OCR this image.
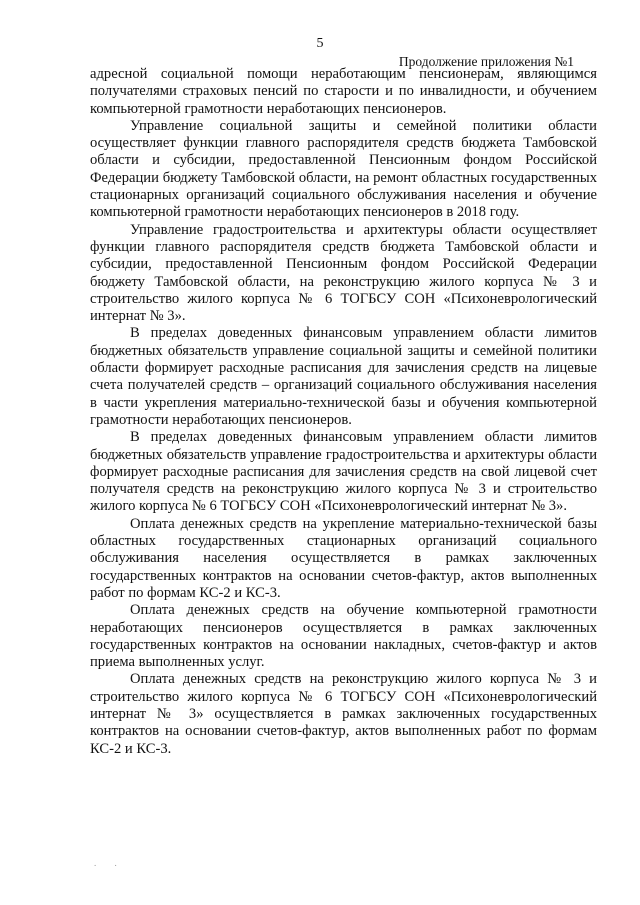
5
Продолжение приложения №1

адресной социальной помощи неработающим пенсионерам, являющимся получателями страховых пенсий по старости и по инвалидности, и обучением компьютерной грамотности неработающих пенсионеров.

Управление социальной защиты и семейной политики области осуществляет функции главного распорядителя средств бюджета Тамбовской области и субсидии, предоставленной Пенсионным фондом Российской Федерации бюджету Тамбовской области, на ремонт областных государственных стационарных организаций социального обслуживания населения и обучение компьютерной грамотности неработающих пенсионеров в 2018 году.

Управление градостроительства и архитектуры области осуществляет функции главного распорядителя средств бюджета Тамбовской области и субсидии, предоставленной Пенсионным фондом Российской Федерации бюджету Тамбовской области, на реконструкцию жилого корпуса № 3 и строительство жилого корпуса № 6 ТОГБСУ СОН «Психоневрологический интернат № 3».

В пределах доведенных финансовым управлением области лимитов бюджетных обязательств управление социальной защиты и семейной политики области формирует расходные расписания для зачисления средств на лицевые счета получателей средств – организаций социального обслуживания населения в части укрепления материально-технической базы и обучения компьютерной грамотности неработающих пенсионеров.

В пределах доведенных финансовым управлением области лимитов бюджетных обязательств управление градостроительства и архитектуры области формирует расходные расписания для зачисления средств на свой лицевой счет получателя средств на реконструкцию жилого корпуса № 3 и строительство жилого корпуса № 6 ТОГБСУ СОН «Психоневрологический интернат № 3».

Оплата денежных средств на укрепление материально-технической базы областных государственных стационарных организаций социального обслуживания населения осуществляется в рамках заключенных государственных контрактов на основании счетов-фактур, актов выполненных работ по формам КС-2 и КС-3.

Оплата денежных средств на обучение компьютерной грамотности неработающих пенсионеров осуществляется в рамках заключенных государственных контрактов на основании накладных, счетов-фактур и актов приема выполненных услуг.

Оплата денежных средств на реконструкцию жилого корпуса № 3 и строительство жилого корпуса № 6 ТОГБСУ СОН «Психоневрологический интернат № 3» осуществляется в рамках заключенных государственных контрактов на основании счетов-фактур, актов выполненных работ по формам КС-2 и КС-3.

. .
